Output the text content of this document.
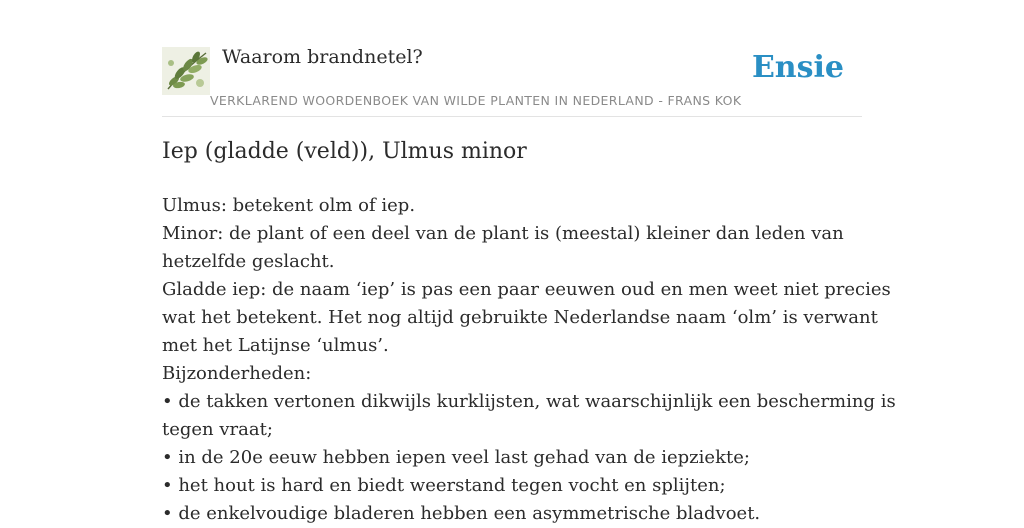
Waarom brandnetel?
VERKLAREND WOORDENBOEK VAN WILDE PLANTEN IN NEDERLAND - FRANS KOK
Ensie
Iep (gladde (veld)), Ulmus minor
Ulmus: betekent olm of iep.
Minor: de plant of een deel van de plant is (meestal) kleiner dan leden van
hetzelfde geslacht.
Gladde iep: de naam ‘iep’ is pas een paar eeuwen oud en men weet niet precies
wat het betekent. Het nog altijd gebruikte Nederlandse naam ‘olm’ is verwant
met het Latijnse ‘ulmus’.
Bijzonderheden:
• de takken vertonen dikwijls kurklijsten, wat waarschijnlijk een bescherming is
tegen vraat;
• in de 20e eeuw hebben iepen veel last gehad van de iepziekte;
• het hout is hard en biedt weerstand tegen vocht en splijten;
• de enkelvoudige bladeren hebben een asymmetrische bladvoet.
